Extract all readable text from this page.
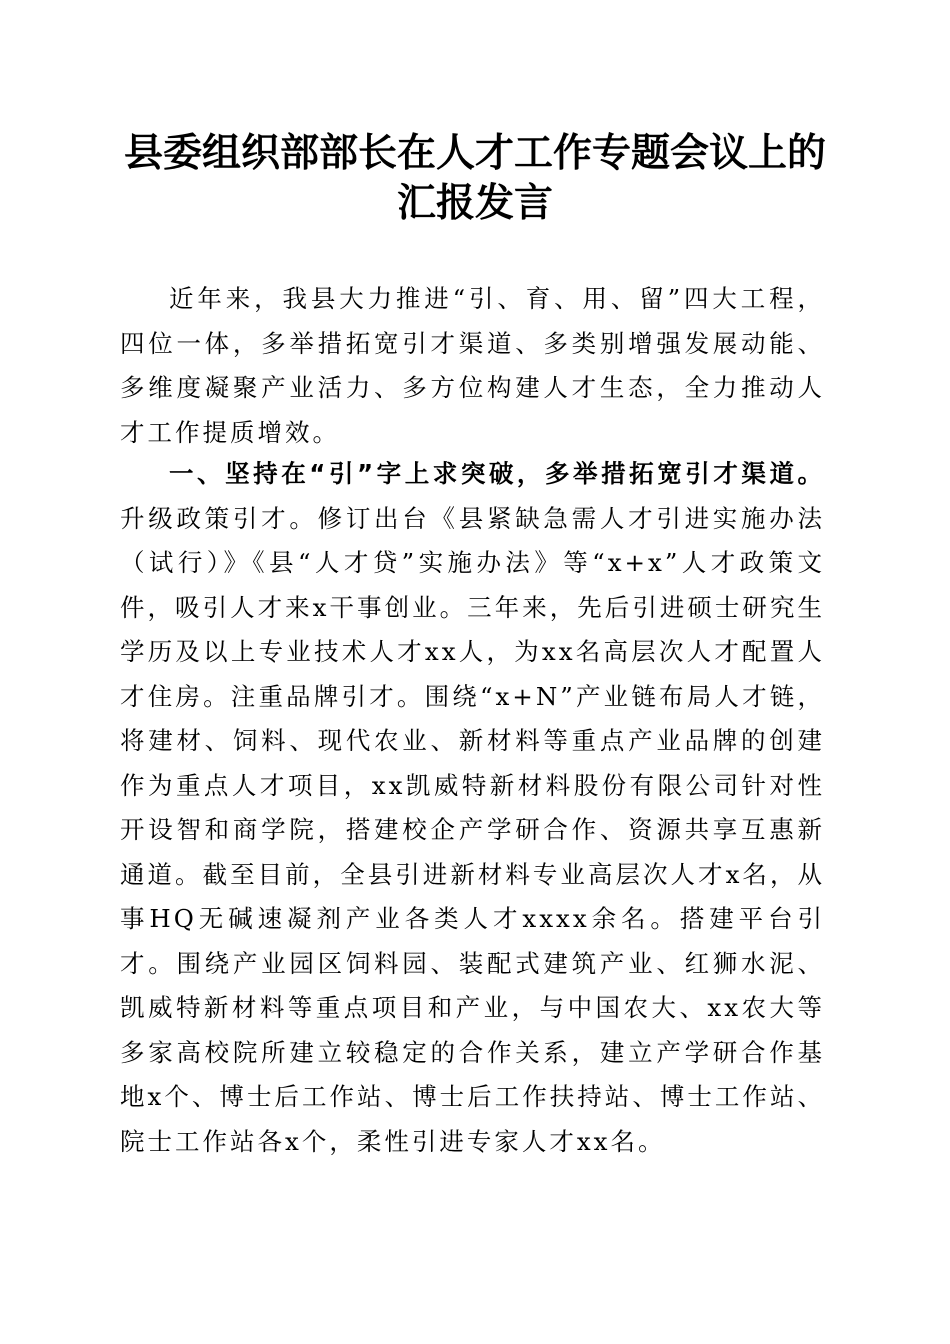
县委组织部部长在人才工作专题会议上的汇报发言

近年来，我县大力推进“引、育、用、留”四大工程，四位一体，多举措拓宽引才渠道、多类别增强发展动能、多维度凝聚产业活力、多方位构建人才生态，全力推动人才工作提质增效。

一、坚持在“引”字上求突破，多举措拓宽引才渠道。升级政策引才。修订出台《县紧缺急需人才引进实施办法（试行）》《县“人才贷”实施办法》等“x+x”人才政策文件，吸引人才来x干事创业。三年来，先后引进硕士研究生学历及以上专业技术人才xx人，为xx名高层次人才配置人才住房。注重品牌引才。围绕“x+N”产业链布局人才链，将建材、饲料、现代农业、新材料等重点产业品牌的创建作为重点人才项目，xx凯威特新材料股份有限公司针对性开设智和商学院，搭建校企产学研合作、资源共享互惠新通道。截至目前，全县引进新材料专业高层次人才x名，从事HQ无碱速凝剂产业各类人才xxxx余名。搭建平台引才。围绕产业园区饲料园、装配式建筑产业、红狮水泥、凯威特新材料等重点项目和产业，与中国农大、xx农大等多家高校院所建立较稳定的合作关系，建立产学研合作基地x个、博士后工作站、博士后工作扶持站、博士工作站、院士工作站各x个，柔性引进专家人才xx名。
